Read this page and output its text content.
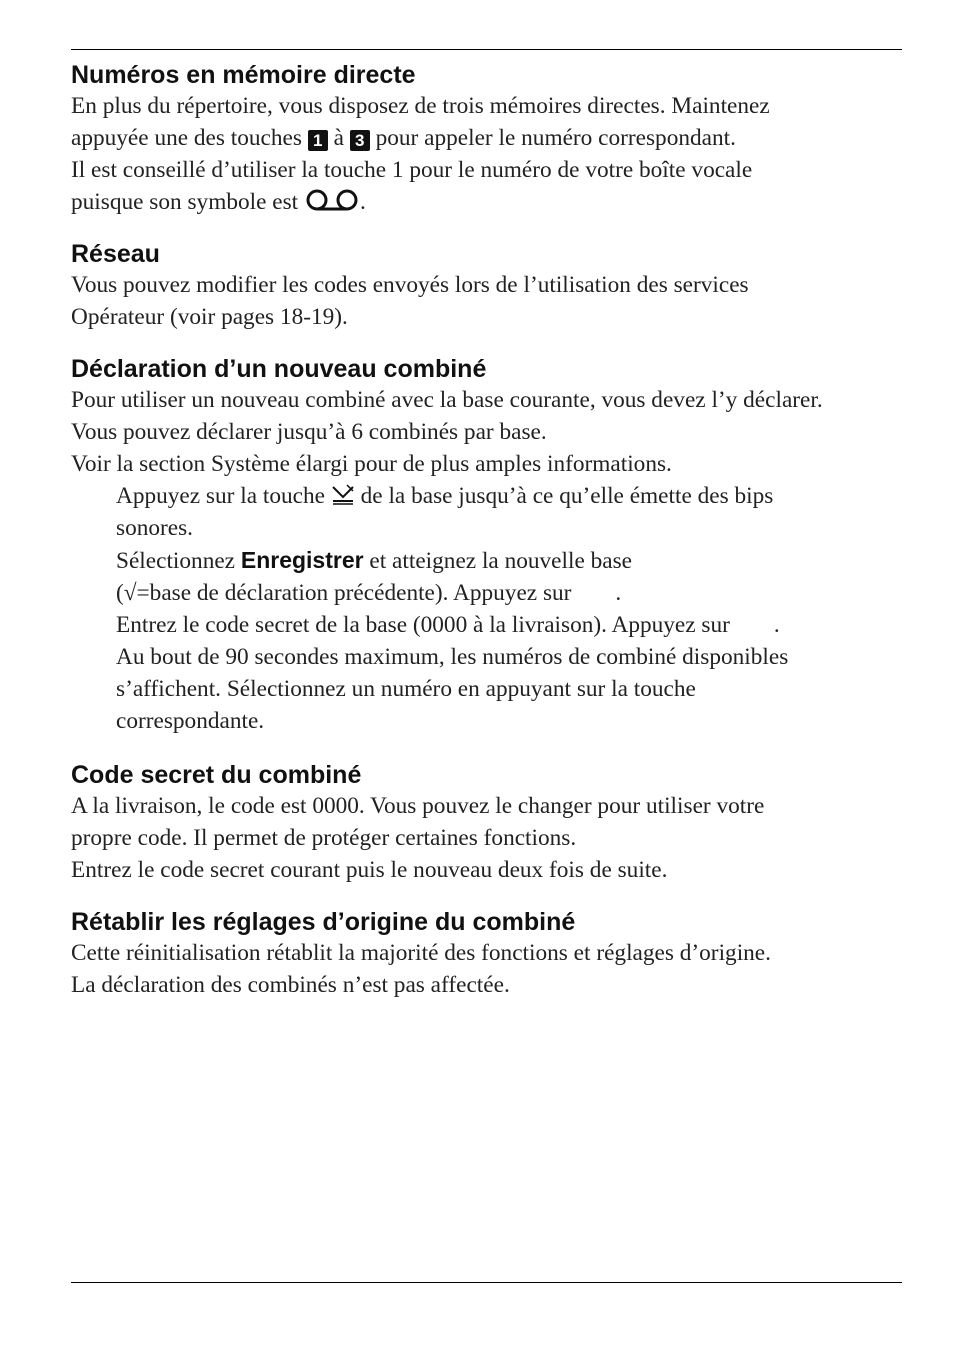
Numéros en mémoire directe

En plus du répertoire, vous disposez de trois mémoires directes. Maintenez

appuyée une des touches 1 à 3 pour appeler le numéro correspondant.

Il est conseillé d’utiliser la touche 1 pour le numéro de votre boîte vocale

puisque son symbole est	.

Réseau

Vous pouvez modifier les codes envoyés lors de l’utilisation des services

Opérateur (voir pages 18-19).

Déclaration d’un nouveau combiné

Pour utiliser un nouveau combiné avec la base courante, vous devez l’y déclarer.

Vous pouvez déclarer jusqu’à 6 combinés par base.

Voir la section Système élargi pour de plus amples informations.

Appuyez sur la touche de la base jusqu’à ce qu’elle émette des bips

sonores.

Sélectionnez Enregistrer et atteignez la nouvelle base

(√=base de déclaration précédente). Appuyez sur .

Entrez le code secret de la base (0000 à la livraison). Appuyez sur .

Au bout de 90 secondes maximum, les numéros de combiné disponibles

s’affichent. Sélectionnez un numéro en appuyant sur la touche

correspondante.

Code secret du combiné

A la livraison, le code est 0000. Vous pouvez le changer pour utiliser votre

propre code. Il permet de protéger certaines fonctions.

Entrez le code secret courant puis le nouveau deux fois de suite.

Rétablir les réglages d’origine du combiné

Cette réinitialisation rétablit la majorité des fonctions et réglages d’origine.

La déclaration des combinés n’est pas affectée.
